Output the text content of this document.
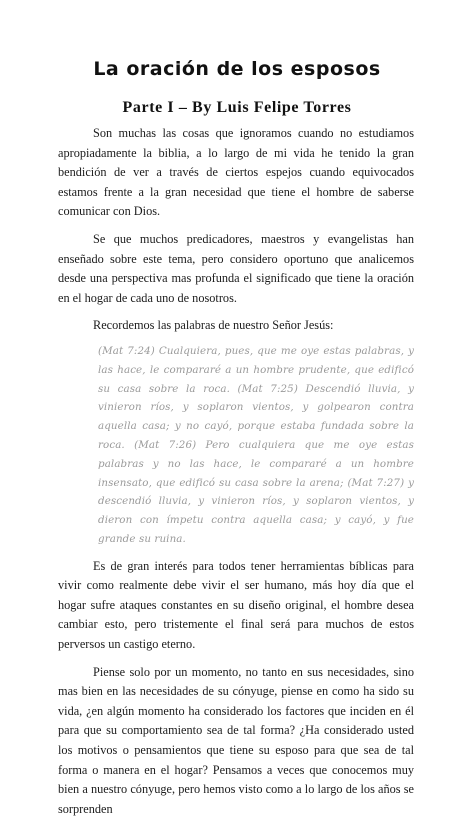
La oración de los esposos
Parte I – By Luis Felipe Torres

Son muchas las cosas que ignoramos cuando no estudiamos apropiadamente la biblia, a lo largo de mi vida he tenido la gran bendición de ver a través de ciertos espejos cuando equivocados estamos frente a la gran necesidad que tiene el hombre de saberse comunicar con Dios.

Se que muchos predicadores, maestros y evangelistas han enseñado sobre este tema, pero considero oportuno que analicemos desde una perspectiva mas profunda el significado que tiene la oración en el hogar de cada uno de nosotros.

Recordemos las palabras de nuestro Señor Jesús:

(Mat 7:24) Cualquiera, pues, que me oye estas palabras, y las hace, le compararé a un hombre prudente, que edificó su casa sobre la roca. (Mat 7:25) Descendió lluvia, y vinieron ríos, y soplaron vientos, y golpearon contra aquella casa; y no cayó, porque estaba fundada sobre la roca. (Mat 7:26) Pero cualquiera que me oye estas palabras y no las hace, le compararé a un hombre insensato, que edificó su casa sobre la arena; (Mat 7:27) y descendió lluvia, y vinieron ríos, y soplaron vientos, y dieron con ímpetu contra aquella casa; y cayó, y fue grande su ruina.

Es de gran interés para todos tener herramientas bíblicas para vivir como realmente debe vivir el ser humano, más hoy día que el hogar sufre ataques constantes en su diseño original, el hombre desea cambiar esto, pero tristemente el final será para muchos de estos perversos un castigo eterno.

Piense solo por un momento, no tanto en sus necesidades, sino mas bien en las necesidades de su cónyuge, piense en como ha sido su vida, ¿en algún momento ha considerado los factores que inciden en él para que su comportamiento sea de tal forma? ¿Ha considerado usted los motivos o pensamientos que tiene su esposo para que sea de tal forma o manera en el hogar? Pensamos a veces que conocemos muy bien a nuestro cónyuge, pero hemos visto como a lo largo de los años se sorprenden
